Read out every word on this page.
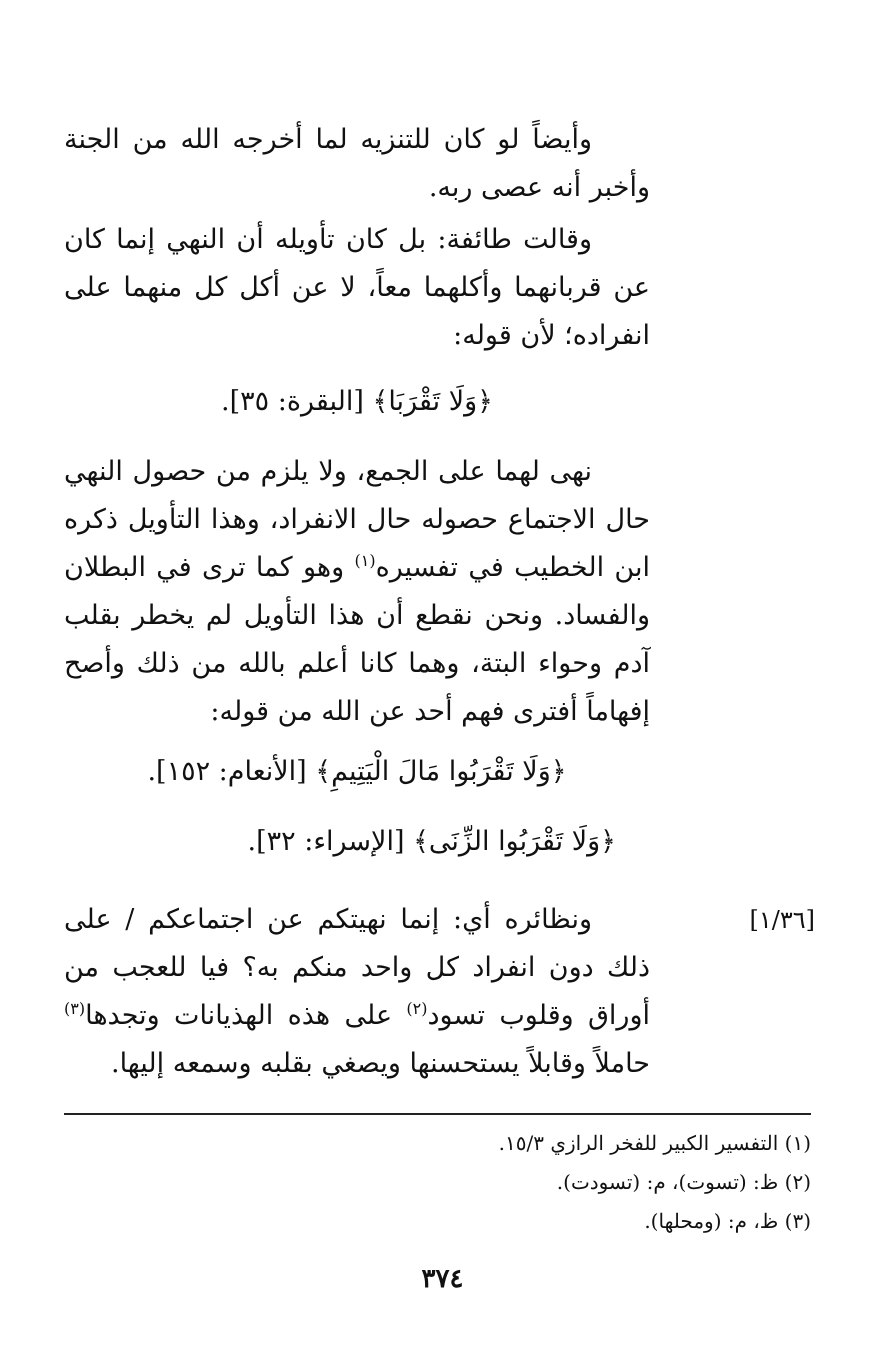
وأيضاً لو كان للتنزيه لما أخرجه الله من الجنة وأخبر أنه عصى ربه.

وقالت طائفة: بل كان تأويله أن النهي إنما كان عن قربانهما وأكلهما معاً، لا عن أكل كل منهما على انفراده؛ لأن قوله:

﴿وَلَا تَقْرَبَا﴾ [البقرة: ٣٥].

نهى لهما على الجمع، ولا يلزم من حصول النهي حال الاجتماع حصوله حال الانفراد، وهذا التأويل ذكره ابن الخطيب في تفسيره$^{(١)}$ وهو كما ترى في البطلان والفساد. ونحن نقطع أن هذا التأويل لم يخطر بقلب آدم وحواء البتة، وهما كانا أعلم بالله من ذلك وأصح إفهاماً أفترى فهم أحد عن الله من قوله:

﴿وَلَا تَقْرَبُوا مَالَ الْيَتِيمِ﴾ [الأنعام: ١٥٢].

﴿وَلَا تَقْرَبُوا الزِّنَى﴾ [الإسراء: ٣٢].

[١/٣٦]

ونظائره أي: إنما نهيتكم عن اجتماعكم / على ذلك دون انفراد كل واحد منكم به؟ فيا للعجب من أوراق وقلوب تسود$^{(٢)}$ على هذه الهذيانات وتجدها$^{(٣)}$ حاملاً وقابلاً يستحسنها ويصغي بقلبه وسمعه إليها.

(١) التفسير الكبير للفخر الرازي ١٥/٣.

(٢) ظ: (تسوت)، م: (تسودت).

(٣) ظ، م: (ومحلها).

٣٧٤
